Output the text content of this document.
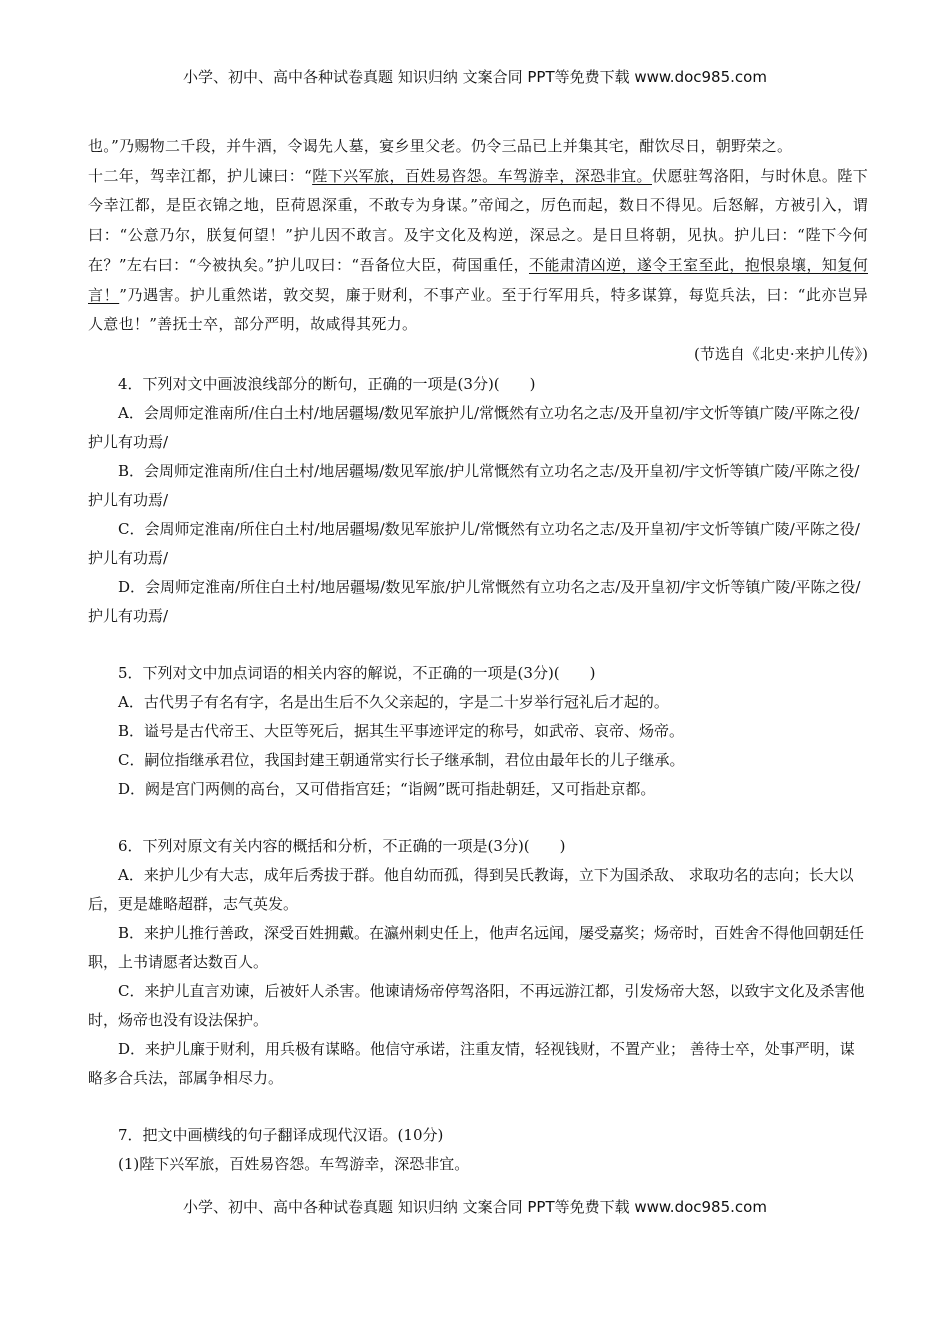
小学、初中、高中各种试卷真题 知识归纳 文案合同 PPT等免费下载 www.doc985.com

也。”乃赐物二千段，并牛酒，令谒先人墓，宴乡里父老。仍令三品已上并集其宅，酣饮尽日，朝野荣之。

十二年，驾幸江都，护儿谏曰：“陛下兴军旅，百姓易咨怨。车驾游幸，深恐非宜。伏愿驻驾洛阳，与时休息。陛下今幸江都，是臣衣锦之地，臣荷恩深重，不敢专为身谋。”帝闻之，厉色而起，数日不得见。后怒解，方被引入，谓曰：“公意乃尔，朕复何望！”护儿因不敢言。及宇文化及构逆，深忌之。是日旦将朝，见执。护儿曰：“陛下今何在？”左右曰：“今被执矣。”护儿叹曰：“吾备位大臣，荷国重任，不能肃清凶逆，遂令王室至此，抱恨泉壤，知复何言！”乃遇害。护儿重然诺，敦交契，廉于财利，不事产业。至于行军用兵，特多谋算，每览兵法，曰：“此亦岂异人意也！”善抚士卒，部分严明，故咸得其死力。

(节选自《北史·来护儿传》)

4．下列对文中画波浪线部分的断句，正确的一项是(3分)(　　)

A．会周师定淮南所/住白土村/地居疆埸/数见军旅护儿/常慨然有立功名之志/及开皇初/宇文忻等镇广陵/平陈之役/护儿有功焉/

B．会周师定淮南所/住白土村/地居疆埸/数见军旅/护儿常慨然有立功名之志/及开皇初/宇文忻等镇广陵/平陈之役/护儿有功焉/

C．会周师定淮南/所住白土村/地居疆埸/数见军旅护儿/常慨然有立功名之志/及开皇初/宇文忻等镇广陵/平陈之役/护儿有功焉/

D．会周师定淮南/所住白土村/地居疆埸/数见军旅/护儿常慨然有立功名之志/及开皇初/宇文忻等镇广陵/平陈之役/护儿有功焉/

5．下列对文中加点词语的相关内容的解说，不正确的一项是(3分)(　　)

A．古代男子有名有字，名是出生后不久父亲起的，字是二十岁举行冠礼后才起的。

B．谥号是古代帝王、大臣等死后，据其生平事迹评定的称号，如武帝、哀帝、炀帝。

C．嗣位指继承君位，我国封建王朝通常实行长子继承制，君位由最年长的儿子继承。

D．阙是宫门两侧的高台，又可借指宫廷；“诣阙”既可指赴朝廷，又可指赴京都。

6．下列对原文有关内容的概括和分析，不正确的一项是(3分)(　　)

A．来护儿少有大志，成年后秀拔于群。他自幼而孤，得到吴氏教诲，立下为国杀敌、 求取功名的志向；长大以后，更是雄略超群，志气英发。

B．来护儿推行善政，深受百姓拥戴。在瀛州刺史任上，他声名远闻，屡受嘉奖；炀帝时，百姓舍不得他回朝廷任职，上书请愿者达数百人。

C．来护儿直言劝谏，后被奸人杀害。他谏请炀帝停驾洛阳，不再远游江都，引发炀帝大怒，以致宇文化及杀害他时，炀帝也没有设法保护。

D．来护儿廉于财利，用兵极有谋略。他信守承诺，注重友情，轻视钱财，不置产业； 善待士卒，处事严明，谋略多合兵法，部属争相尽力。

7．把文中画横线的句子翻译成现代汉语。(10分)

(1)陛下兴军旅，百姓易咨怨。车驾游幸，深恐非宜。

小学、初中、高中各种试卷真题 知识归纳 文案合同 PPT等免费下载 www.doc985.com
